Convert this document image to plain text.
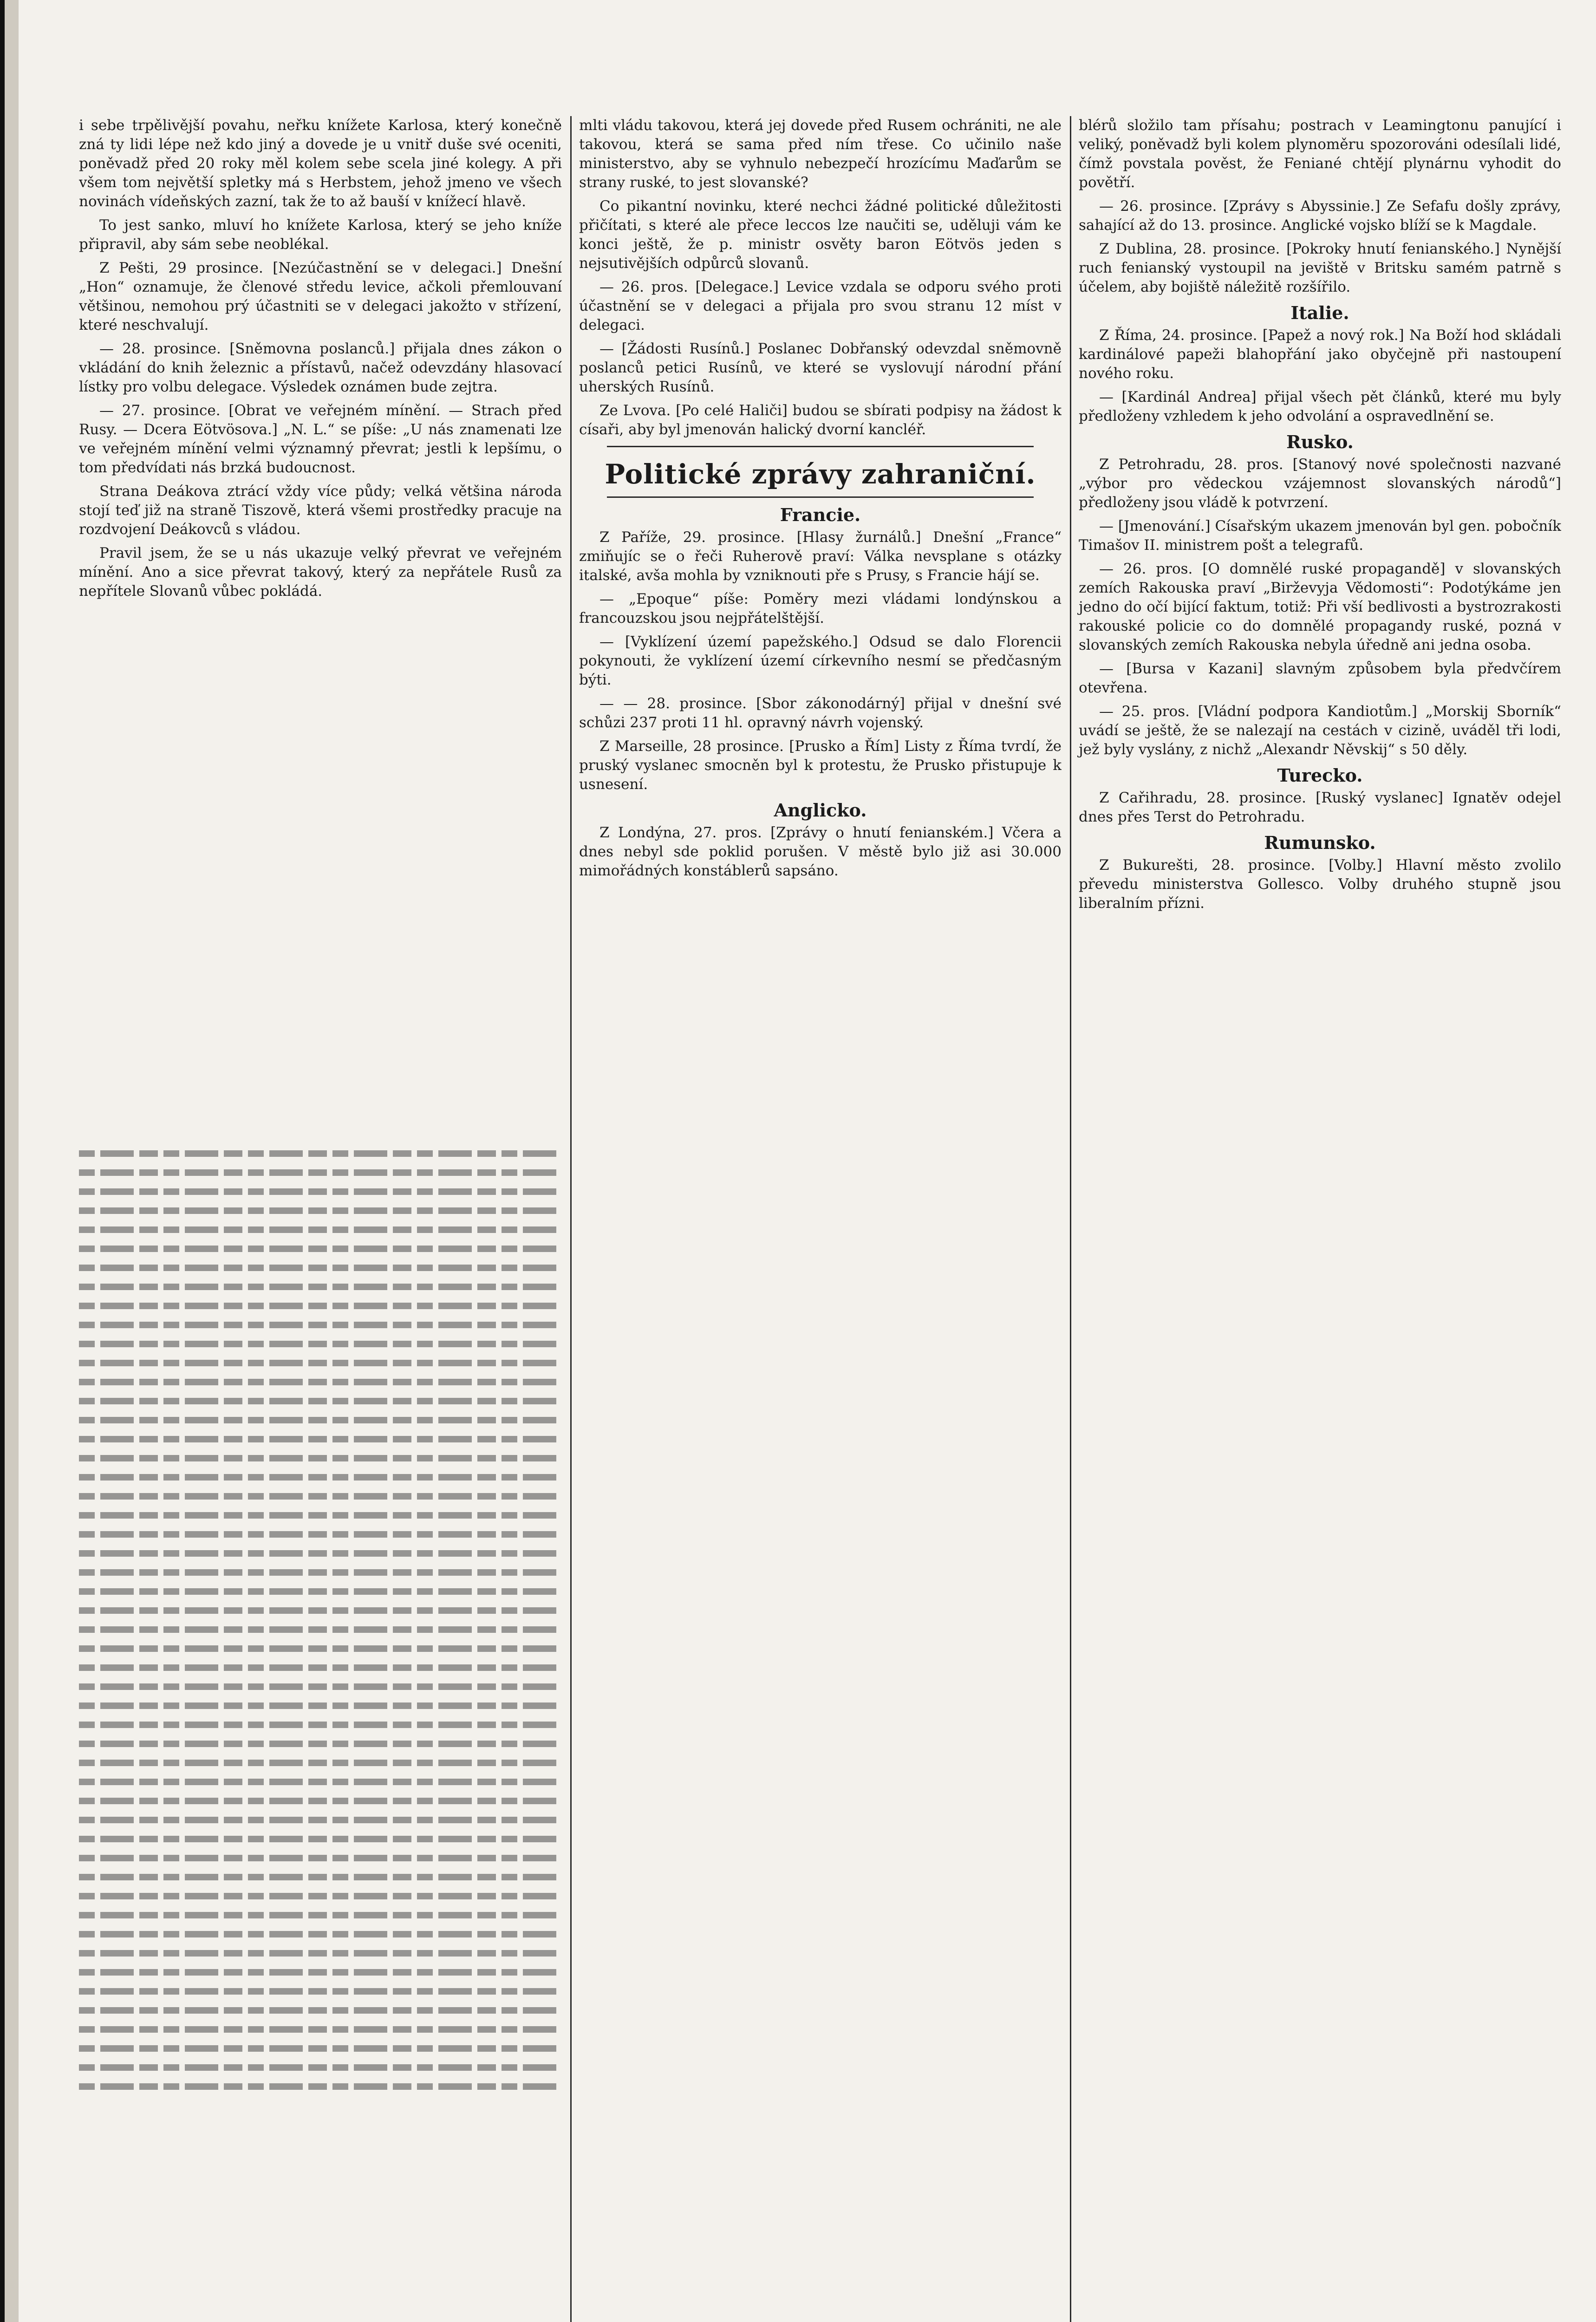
i sebe trpělivější povahu, neřku knížete Karlosa, který konečně zná ty lidi lépe než kdo jiný a dovede je u vnitř duše své oceniti, poněvadž před 20 roky měl kolem sebe scela jiné kolegy. A při všem tom největší spletky má s Herbstem, jehož jmeno ve všech novinách vídeňských zazní, tak že to až bauší v knížecí hlavě.

To jest sanko, mluví ho knížete Karlosa, který se jeho kníže připravil, aby sám sebe neoblékal.

Z Pešti, 29 prosince. [Nezúčastnění se v delegaci.] Dnešní „Hon“ oznamuje, že členové středu levice, ačkoli přemlouvaní většinou, nemohou prý účastniti se v delegaci jakožto v střízení, které neschvalují.

— 28. prosince. [Sněmovna poslanců.] přijala dnes zákon o vkládání do knih železnic a přístavů, načež odevzdány hlasovací lístky pro volbu delegace. Výsledek oznámen bude zejtra.

— 27. prosince. [Obrat ve veřejném mínění. — Strach před Rusy. — Dcera Eötvösova.] „N. L.“ se píše: „U nás znamenati lze ve veřejném mínění velmi významný převrat; jestli k lepšímu, o tom předvídati nás brzká budoucnost.

Strana Deákova ztrácí vždy více půdy; velká většina národa stojí teď již na straně Tiszově, která všemi prostředky pracuje na rozdvojení Deákovců s vládou.

Pravil jsem, že se u nás ukazuje velký převrat ve veřejném mínění. Ano a sice převrat takový, který za nepřátele Rusů za nepřítele Slovanů vůbec pokládá.

mlti vládu takovou, která jej dovede před Rusem ochrániti, ne ale takovou, která se sama před ním třese. Co učinilo naše ministerstvo, aby se vyhnulo nebezpečí hrozícímu Maďarům se strany ruské, to jest slovanské?

Co pikantní novinku, které nechci žádné politické důležitosti přičítati, s které ale přece leccos lze naučiti se, uděluji vám ke konci ještě, že p. ministr osvěty baron Eötvös jeden s nejsutivějších odpůrců slovanů.

— 26. pros. [Delegace.] Levice vzdala se odporu svého proti účastnění se v delegaci a přijala pro svou stranu 12 míst v delegaci.

— [Žádosti Rusínů.] Poslanec Dobřanský odevzdal sněmovně poslanců petici Rusínů, ve které se vyslovují národní přání uherských Rusínů.

Ze Lvova. [Po celé Haliči] budou se sbírati podpisy na žádost k císaři, aby byl jmenován halický dvorní kancléř.

Politické zprávy zahraniční.
Francie.

Z Paříže, 29. prosince. [Hlasy žurnálů.] Dnešní „France“ zmiňujíc se o řeči Ruherově praví: Válka nevsplane s otázky italské, avša mohla by vzniknouti pře s Prusy, s Francie hájí se.

— „Epoque“ píše: Poměry mezi vládami londýnskou a francouzskou jsou nejpřátelštější.

— [Vyklízení území papežského.] Odsud se dalo Florencii pokynouti, že vyklízení území církevního nesmí se předčasným býti.

— — 28. prosince. [Sbor zákonodárný] přijal v dnešní své schůzi 237 proti 11 hl. opravný návrh vojenský.

Z Marseille, 28 prosince. [Prusko a Řím] Listy z Říma tvrdí, že pruský vyslanec smocněn byl k protestu, že Prusko přistupuje k usnesení.

Anglicko.

Z Londýna, 27. pros. [Zprávy o hnutí fenianském.] Včera a dnes nebyl sde poklid porušen. V městě bylo již asi 30.000 mimořádných konstáblerů sapsáno.

blérů složilo tam přísahu; postrach v Leamingtonu panující i veliký, poněvadž byli kolem plynoměru spozorováni odesílali lidé, čímž povstala pověst, že Feniané chtějí plynárnu vyhodit do povětří.

— 26. prosince. [Zprávy s Abyssinie.] Ze Sefafu došly zprávy, sahající až do 13. prosince. Anglické vojsko blíží se k Magdale.

Z Dublina, 28. prosince. [Pokroky hnutí fenianského.] Nynější ruch fenianský vystoupil na jeviště v Britsku samém patrně s účelem, aby bojiště náležitě rozšířilo.

Italie.

Z Říma, 24. prosince. [Papež a nový rok.] Na Boží hod skládali kardinálové papeži blahopřání jako obyčejně při nastoupení nového roku.

— [Kardinál Andrea] přijal všech pět článků, které mu byly předloženy vzhledem k jeho odvolání a ospravedlnění se.

Rusko.

Z Petrohradu, 28. pros. [Stanový nové společnosti nazvané „výbor pro vědeckou vzájemnost slovanských národů“] předloženy jsou vládě k potvrzení.

— [Jmenování.] Císařským ukazem jmenován byl gen. pobočník Timašov II. ministrem pošt a telegrafů.

— 26. pros. [O domnělé ruské propagandě] v slovanských zemích Rakouska praví „Birževyja Vědomosti“: Podotýkáme jen jedno do očí bijící faktum, totiž: Při vší bedlivosti a bystrozrakosti rakouské policie co do domnělé propagandy ruské, pozná v slovanských zemích Rakouska nebyla úředně ani jedna osoba.

— [Bursa v Kazani] slavným způsobem byla předvčírem otevřena.

— 25. pros. [Vládní podpora Kandiotům.] „Morskij Sborník“ uvádí se ještě, že se nalezají na cestách v cizině, uváděl tři lodi, jež byly vyslány, z nichž „Alexandr Něvskij“ s 50 děly.

Turecko.

Z Cařihradu, 28. prosince. [Ruský vyslanec] Ignatěv odejel dnes přes Terst do Petrohradu.

Rumunsko.

Z Bukurešti, 28. prosince. [Volby.] Hlavní město zvolilo převedu ministerstva Gollesco. Volby druhého stupně jsou liberalním přízni.
